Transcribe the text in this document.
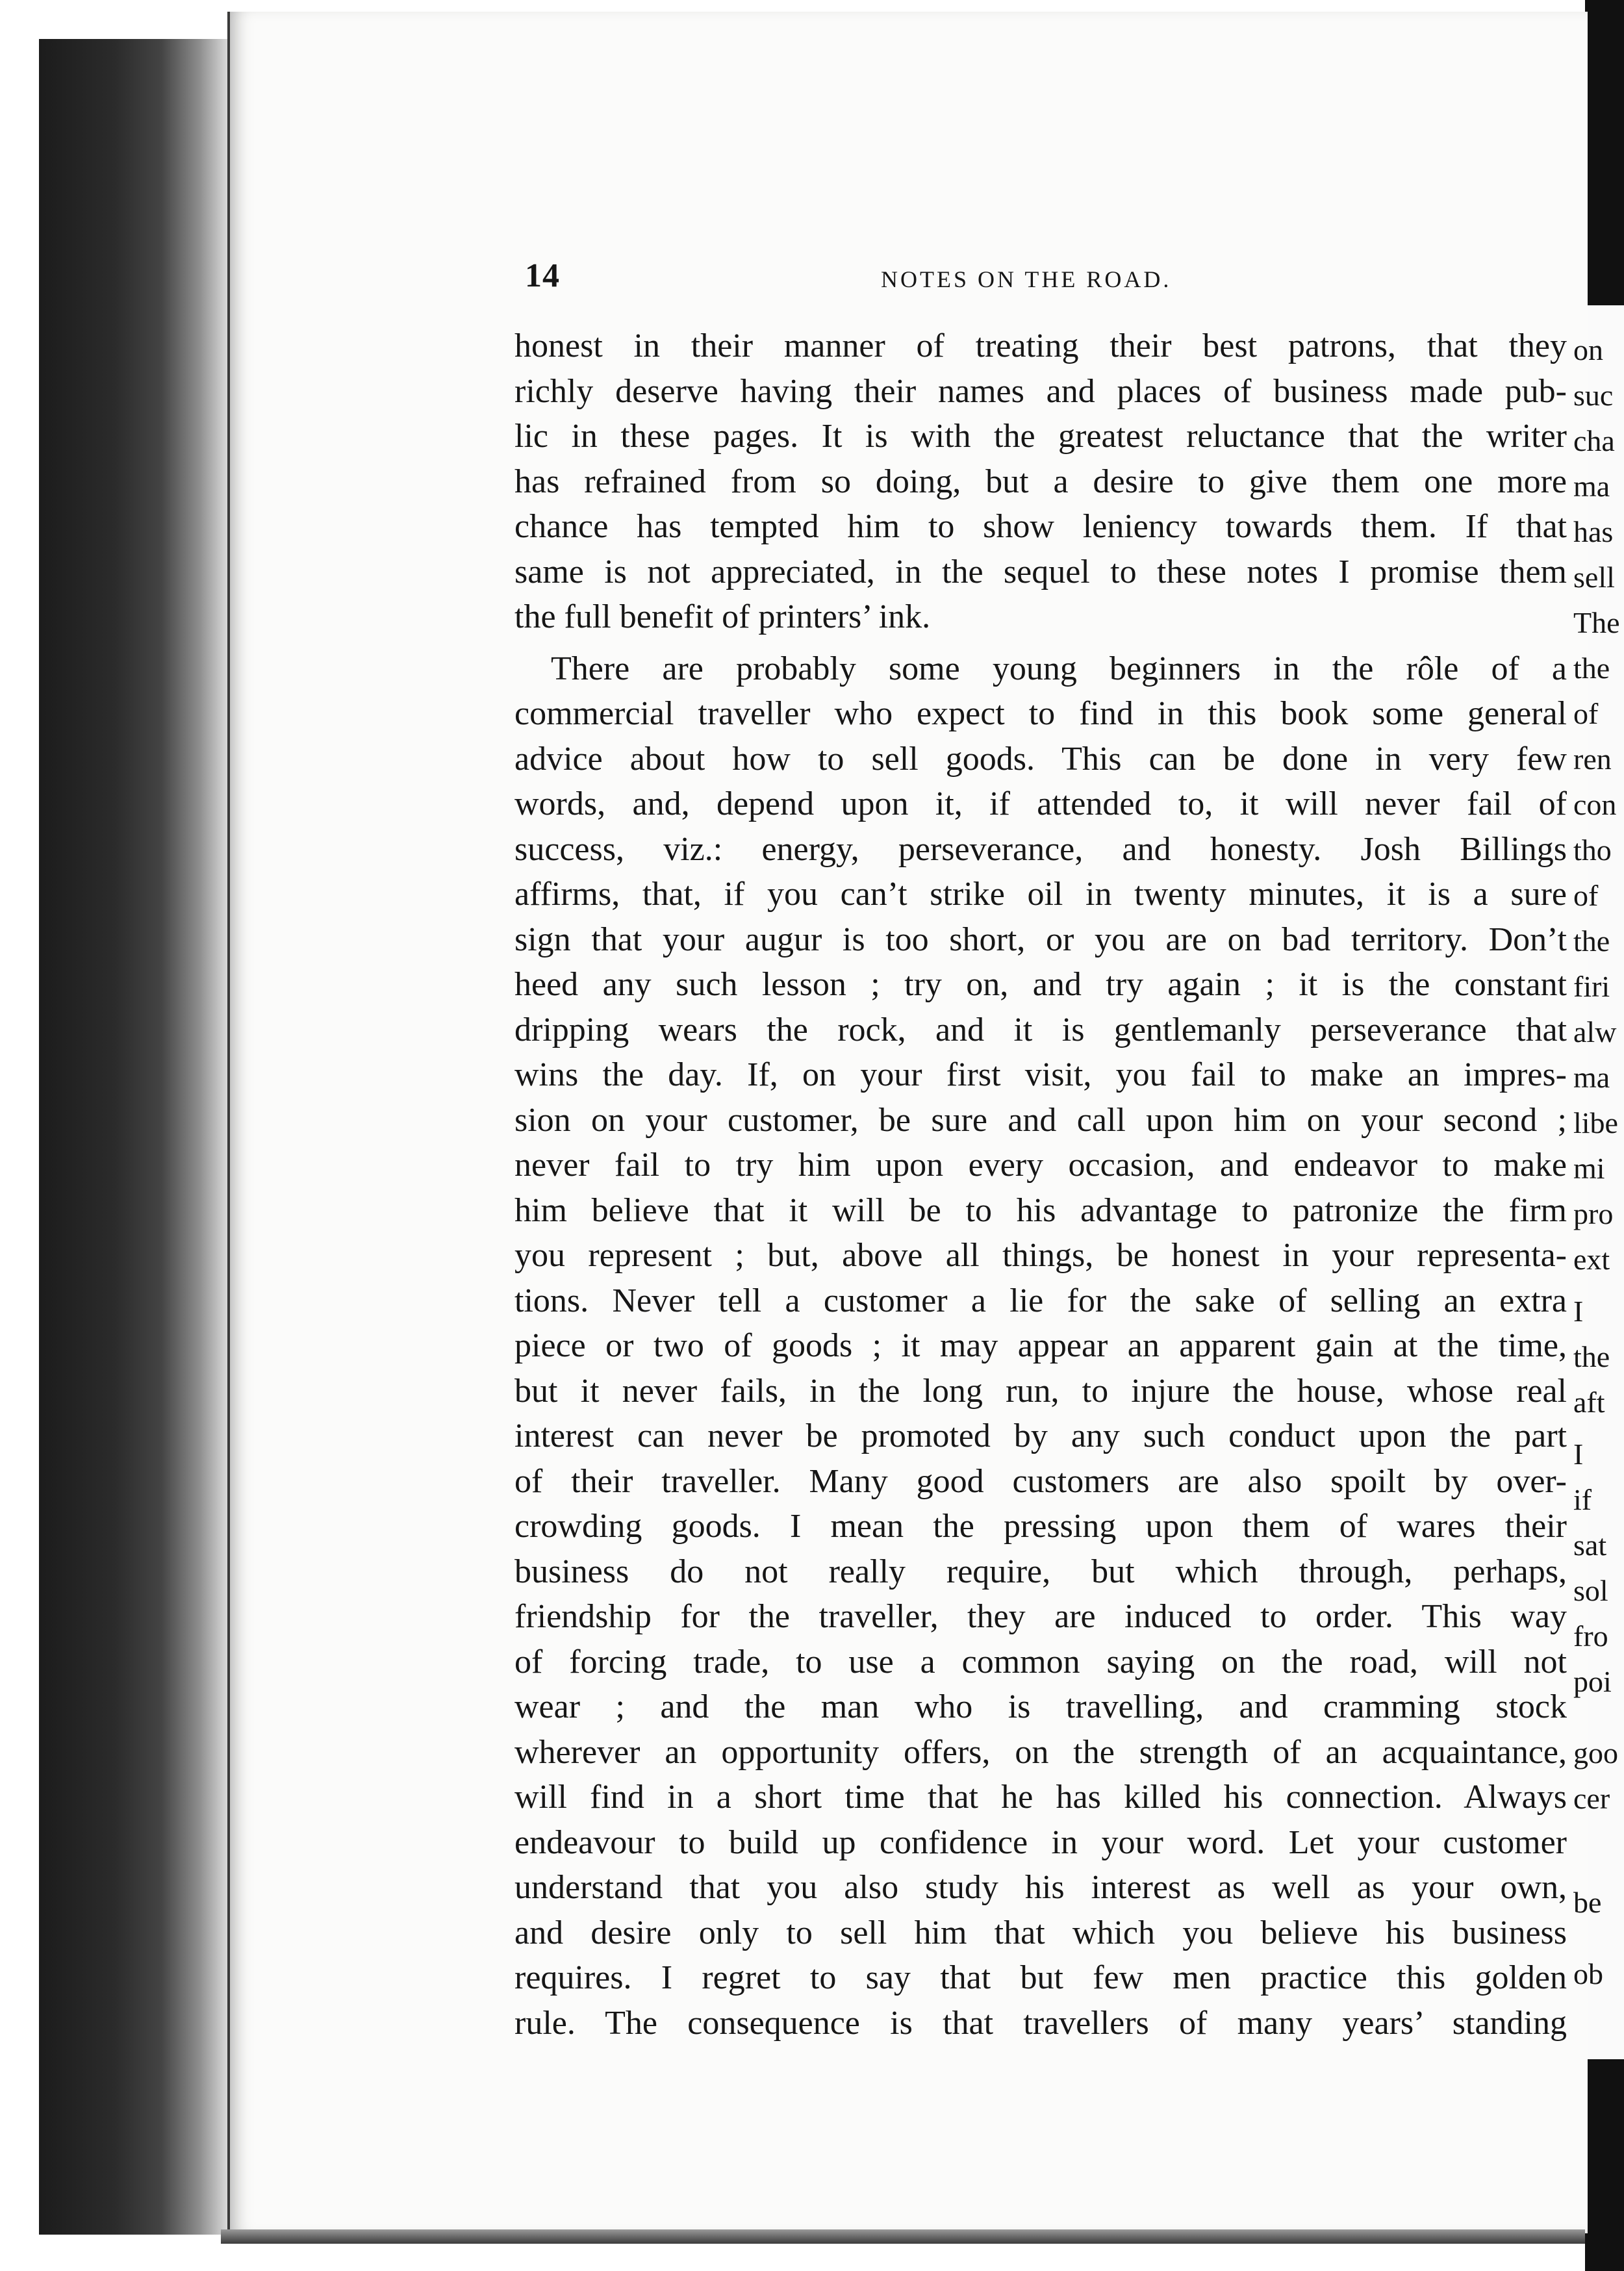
14	NOTES ON THE ROAD.
honest in their manner of treating their best patrons, that they
richly deserve having their names and places of business made pub-
lic in these pages. It is with the greatest reluctance that the writer
has refrained from so doing, but a desire to give them one more
chance has tempted him to show leniency towards them. If that
same is not appreciated, in the sequel to these notes I promise them
the full benefit of printers’ ink.
There are probably some young beginners in the rôle of a
commercial traveller who expect to find in this book some general
advice about how to sell goods. This can be done in very few
words, and, depend upon it, if attended to, it will never fail of
success, viz.: energy, perseverance, and honesty. Josh Billings
affirms, that, if you can’t strike oil in twenty minutes, it is a sure
sign that your augur is too short, or you are on bad territory. Don’t
heed any such lesson ; try on, and try again ; it is the constant
dripping wears the rock, and it is gentlemanly perseverance that
wins the day. If, on your first visit, you fail to make an impres-
sion on your customer, be sure and call upon him on your second ;
never fail to try him upon every occasion, and endeavor to make
him believe that it will be to his advantage to patronize the firm
you represent ; but, above all things, be honest in your representa-
tions. Never tell a customer a lie for the sake of selling an extra
piece or two of goods ; it may appear an apparent gain at the time,
but it never fails, in the long run, to injure the house, whose real
interest can never be promoted by any such conduct upon the part
of their traveller. Many good customers are also spoilt by over-
crowding goods. I mean the pressing upon them of wares their
business do not really require, but which through, perhaps,
friendship for the traveller, they are induced to order. This way
of forcing trade, to use a common saying on the road, will not
wear ; and the man who is travelling, and cramming stock
wherever an opportunity offers, on the strength of an acquaintance,
will find in a short time that he has killed his connection. Always
endeavour to build up confidence in your word. Let your customer
understand that you also study his interest as well as your own,
and desire only to sell him that which you believe his business
requires. I regret to say that but few men practice this golden
rule. The consequence is that travellers of many years’ standing
on
suc
cha
ma
has
sell
The
the
of
ren
con
tho
of
the
firi
alw
ma
libe
mi
pro
ext
I
the
aft
I
if
sat
sol
fro
poi
goo
cer
be
ob
